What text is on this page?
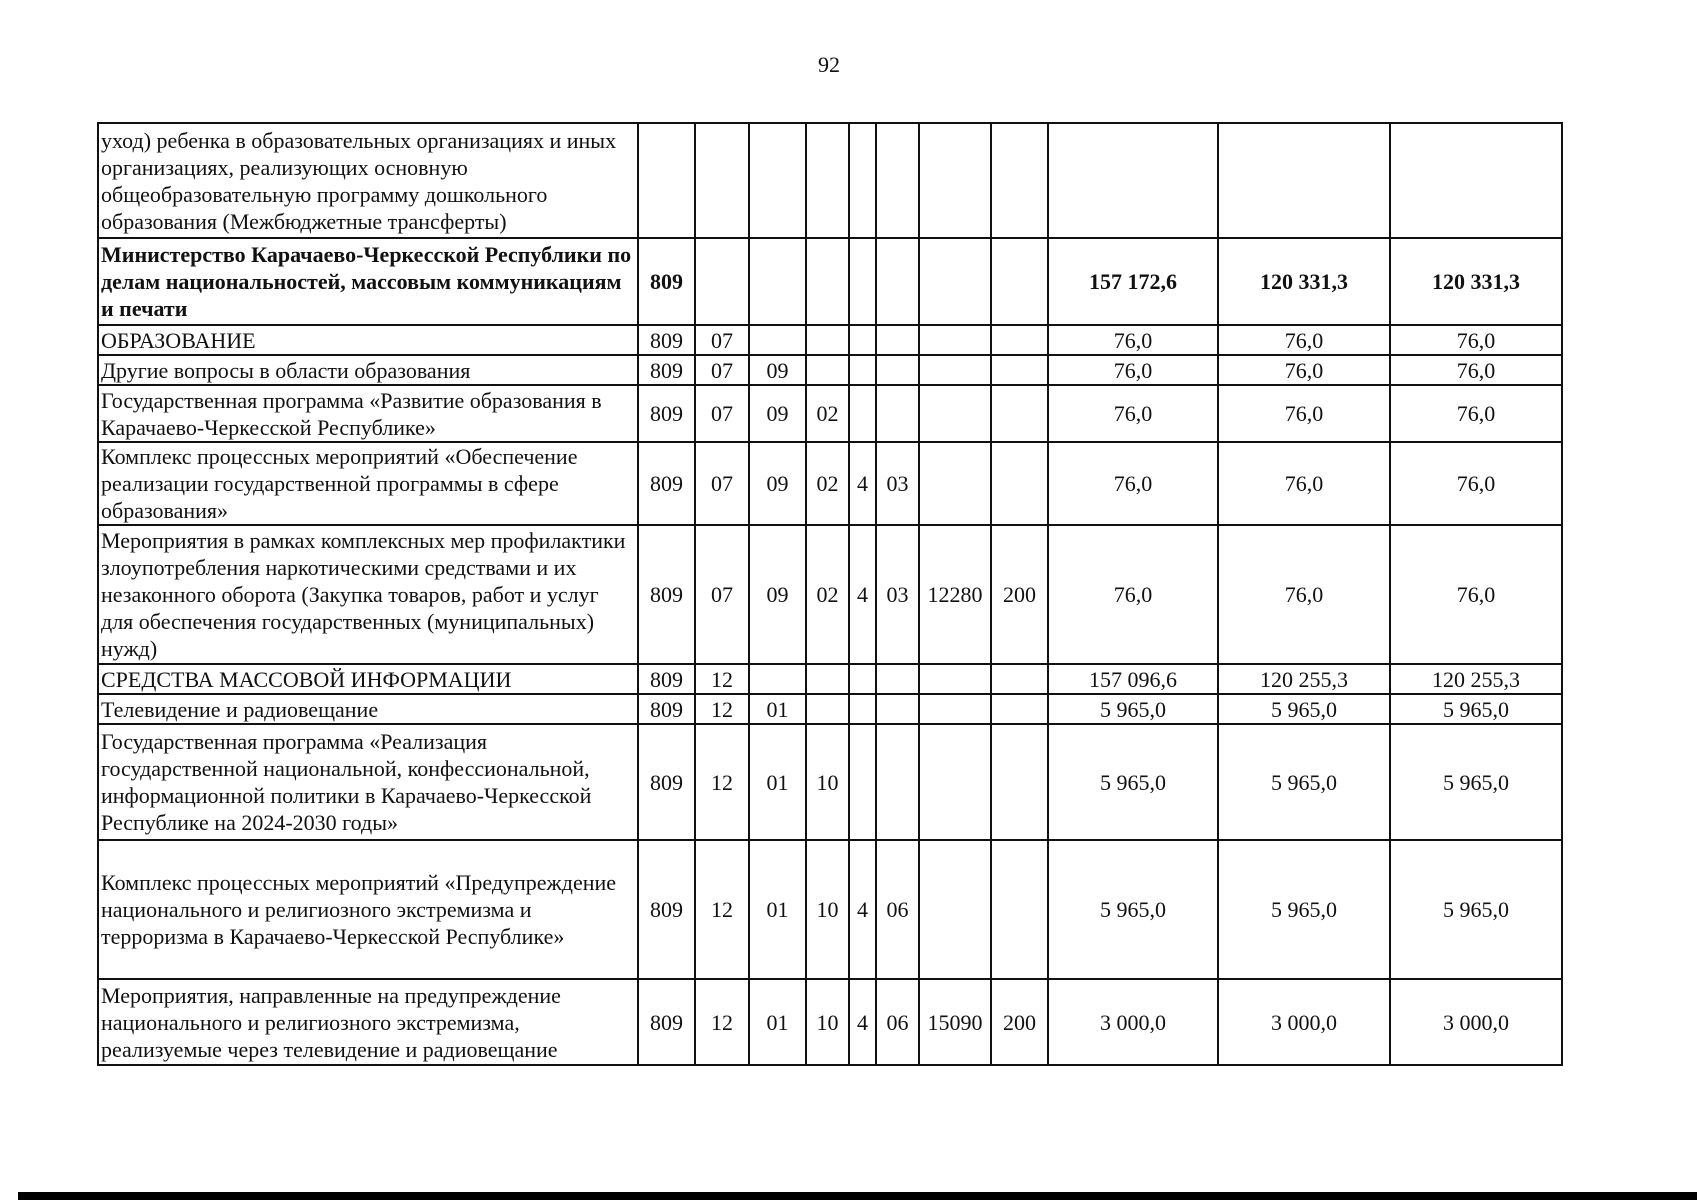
92
уход) ребенка в образовательных организациях и иных организациях, реализующих основную общеобразовательную программу дошкольного образования (Межбюджетные трансферты)											
Министерство Карачаево-Черкесской Республики по делам национальностей, массовым коммуникациям и печати	809								157 172,6	120 331,3	120 331,3
ОБРАЗОВАНИЕ	809	07							76,0	76,0	76,0
Другие вопросы в области образования	809	07	09						76,0	76,0	76,0
Государственная программа «Развитие образования в Карачаево-Черкесской Республике»	809	07	09	02					76,0	76,0	76,0
Комплекс процессных мероприятий «Обеспечение реализации государственной программы в сфере образования»	809	07	09	02	4	03			76,0	76,0	76,0
Мероприятия в рамках комплексных мер профилактики злоупотребления наркотическими средствами и их незаконного оборота (Закупка товаров, работ и услуг для обеспечения государственных (муниципальных) нужд)	809	07	09	02	4	03	12280	200	76,0	76,0	76,0
СРЕДСТВА МАССОВОЙ ИНФОРМАЦИИ	809	12							157 096,6	120 255,3	120 255,3
Телевидение и радиовещание	809	12	01						5 965,0	5 965,0	5 965,0
Государственная программа «Реализация государственной национальной, конфессиональной, информационной политики в Карачаево-Черкесской Республике на 2024-2030 годы»	809	12	01	10					5 965,0	5 965,0	5 965,0
Комплекс процессных мероприятий «Предупреждение национального и религиозного экстремизма и терроризма в Карачаево-Черкесской Республике»	809	12	01	10	4	06			5 965,0	5 965,0	5 965,0
Мероприятия, направленные на предупреждение национального и религиозного экстремизма, реализуемые через телевидение и радиовещание	809	12	01	10	4	06	15090	200	3 000,0	3 000,0	3 000,0
